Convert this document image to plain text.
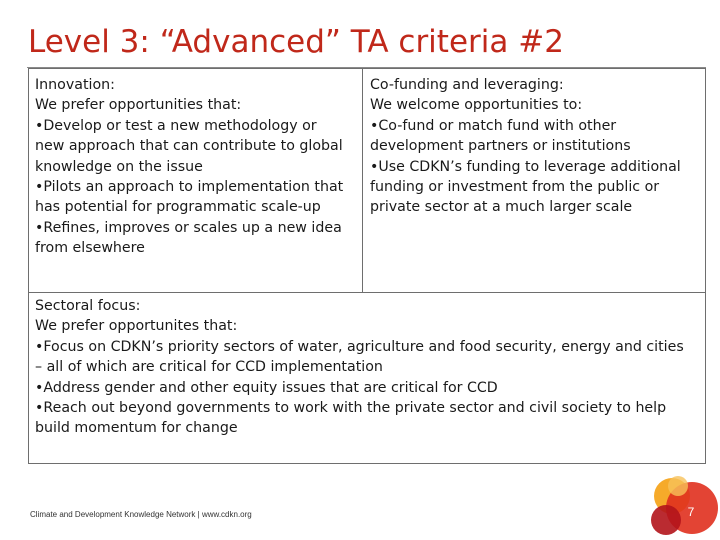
Level 3: “Advanced” TA criteria #2
Innovation:
We prefer opportunities that:
•Develop or test a new methodology or
new approach that can contribute to global
knowledge on the issue
•Pilots an approach to implementation that
has potential for programmatic scale-up
•Refines, improves or scales up a new idea
from elsewhere
Co-funding and leveraging:
We welcome opportunities to:
•Co-fund or match fund with other
development partners or institutions
•Use CDKN’s funding to leverage additional
funding or investment from the public or
private sector at a much larger scale
Sectoral focus:
We prefer opportunites that:
•Focus on CDKN’s priority sectors of water, agriculture and food security, energy and cities
– all of which are critical for CCD implementation
•Address gender and other equity issues that are critical for CCD
•Reach out beyond governments to work with the private sector and civil society to help
build momentum for change
Climate and Development Knowledge Network | www.cdkn.org	7
